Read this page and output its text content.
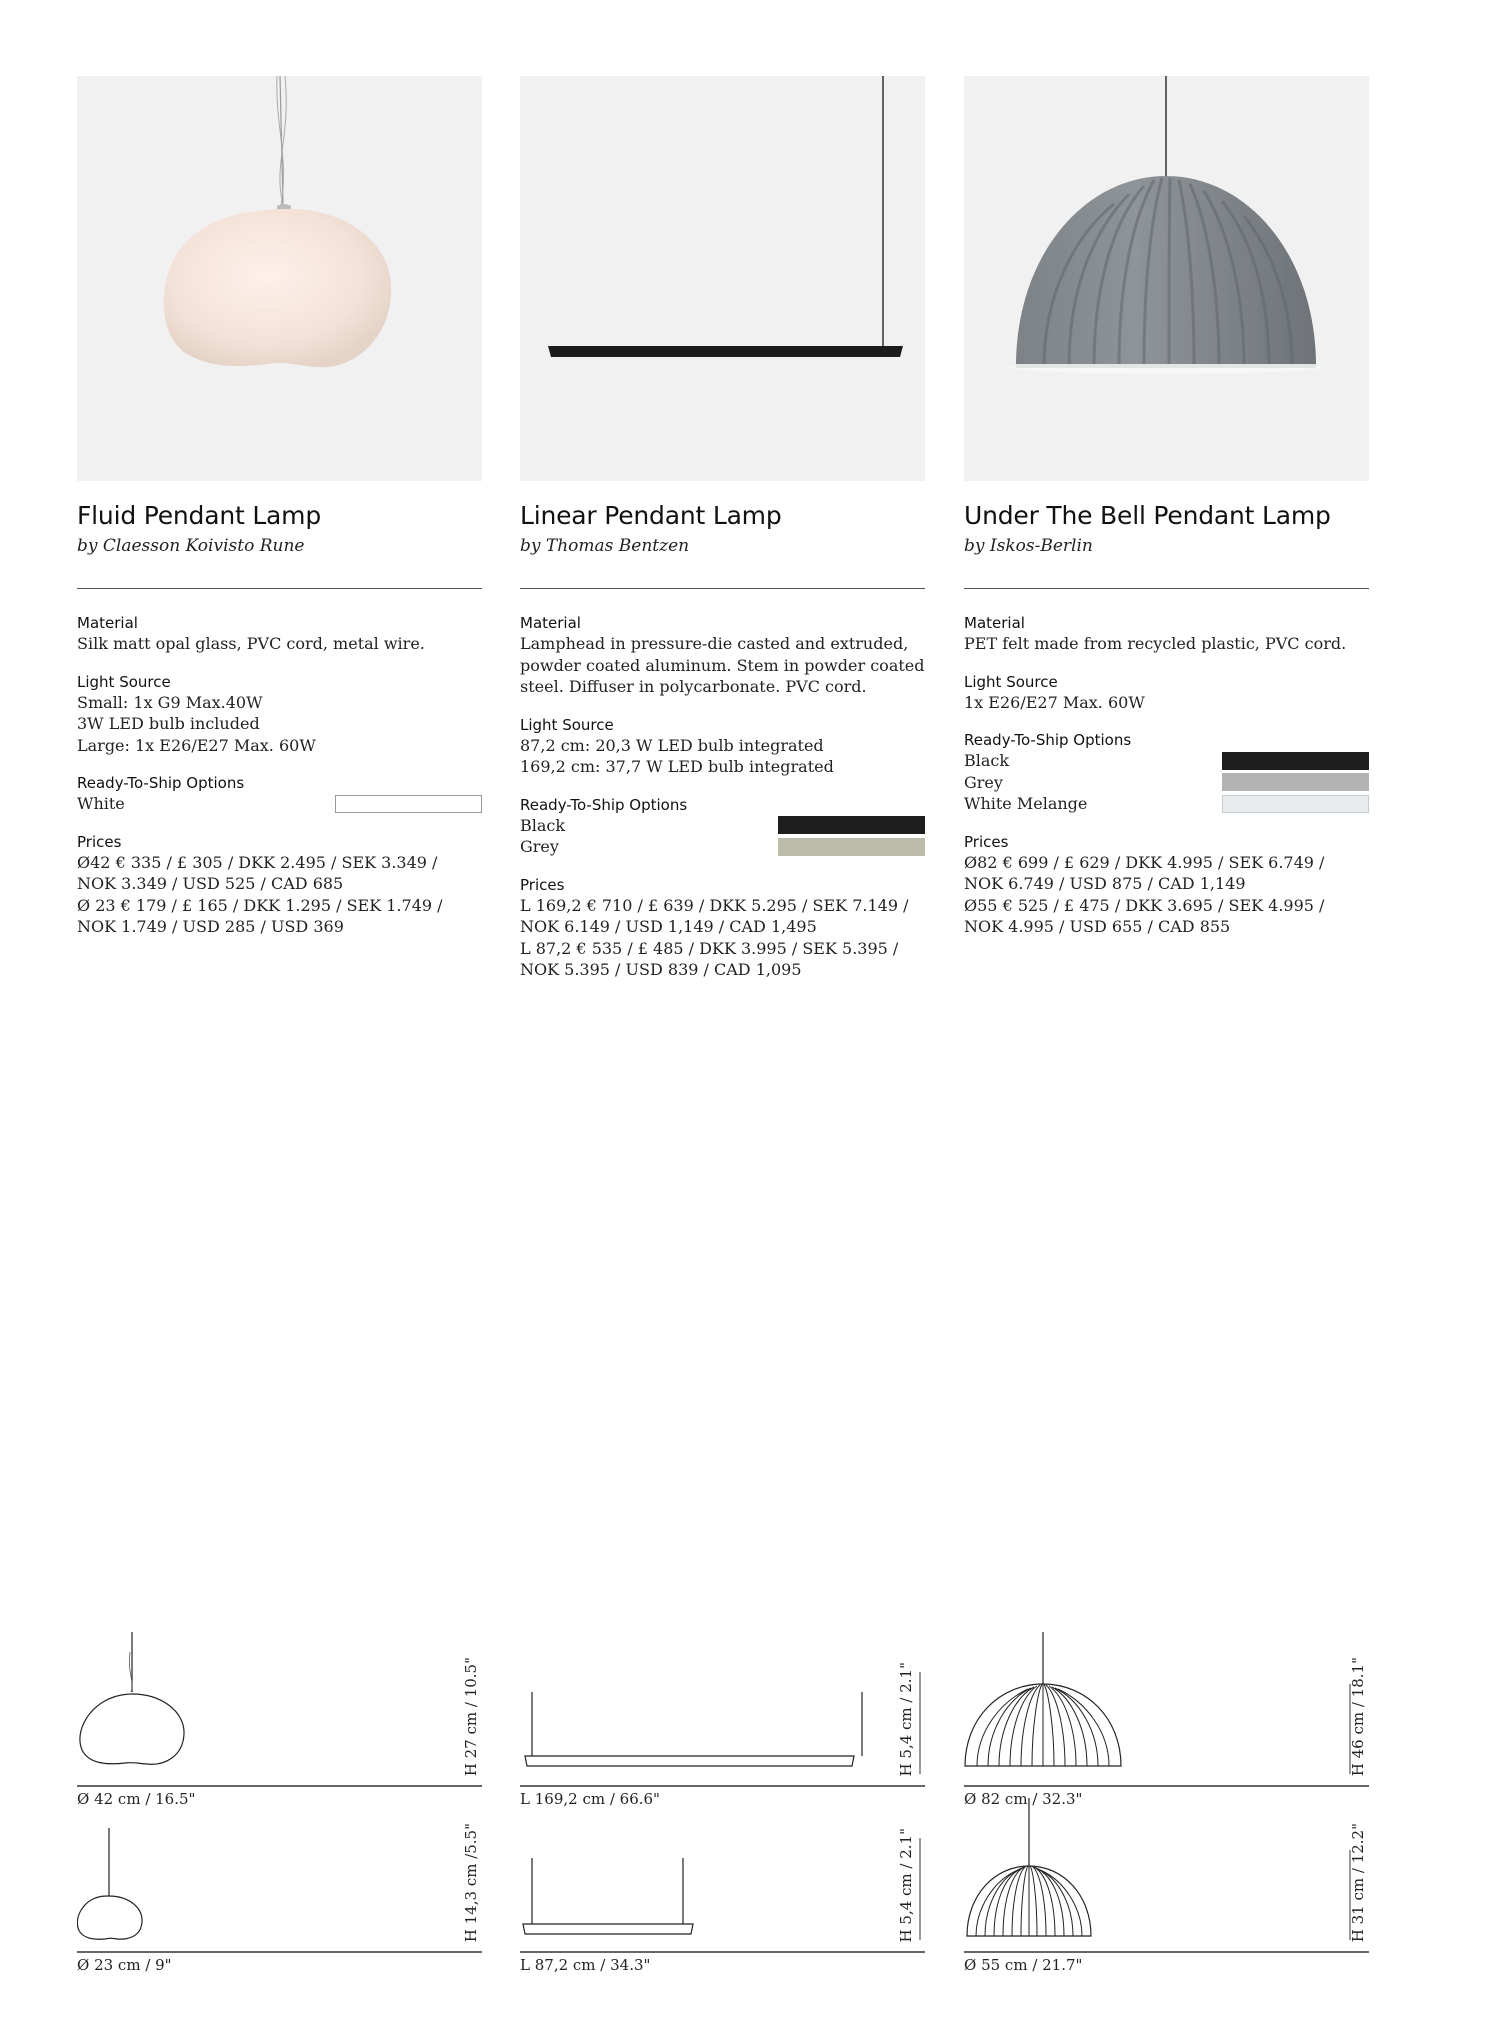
Fluid Pendant Lamp
by Claesson Koivisto Rune
Material
Silk matt opal glass, PVC cord, metal wire.
Light Source
Small: 1x G9 Max.40W
3W LED bulb included
Large: 1x E26/E27 Max. 60W
Ready-To-Ship Options
White
Prices
Ø42 € 335 / £ 305 / DKK 2.495 / SEK 3.349 /
NOK 3.349 / USD 525 / CAD 685
Ø 23 € 179 / £ 165 / DKK 1.295 / SEK 1.749 /
NOK 1.749 / USD 285 / USD 369
Linear Pendant Lamp
by Thomas Bentzen
Material
Lamphead in pressure-die casted and extruded,
powder coated aluminum. Stem in powder coated
steel. Diffuser in polycarbonate. PVC cord.
Light Source
87,2 cm: 20,3 W LED bulb integrated
169,2 cm: 37,7 W LED bulb integrated
Ready-To-Ship Options
Black
Grey
Prices
L 169,2 € 710 / £ 639 / DKK 5.295 / SEK 7.149 /
NOK 6.149 / USD 1,149 / CAD 1,495
L 87,2 € 535 / £ 485 / DKK 3.995 / SEK 5.395 /
NOK 5.395 / USD 839 / CAD 1,095
Under The Bell Pendant Lamp
by Iskos-Berlin
Material
PET felt made from recycled plastic, PVC cord.
Light Source
1x E26/E27 Max. 60W
Ready-To-Ship Options
Black
Grey
White Melange
Prices
Ø82 € 699 / £ 629 / DKK 4.995 / SEK 6.749 /
NOK 6.749 / USD 875 / CAD 1,149
Ø55 € 525 / £ 475 / DKK 3.695 / SEK 4.995 /
NOK 4.995 / USD 655 / CAD 855
H 27 cm / 10.5"
Ø 42 cm / 16.5"
H 14,3 cm /5.5"
Ø 23 cm / 9"
H 5,4 cm / 2.1"
L 169,2 cm / 66.6"
H 5,4 cm / 2.1"
L 87,2 cm / 34.3"
H 46 cm / 18.1"
Ø 82 cm / 32.3"
H 31 cm / 12.2"
Ø 55 cm / 21.7"
